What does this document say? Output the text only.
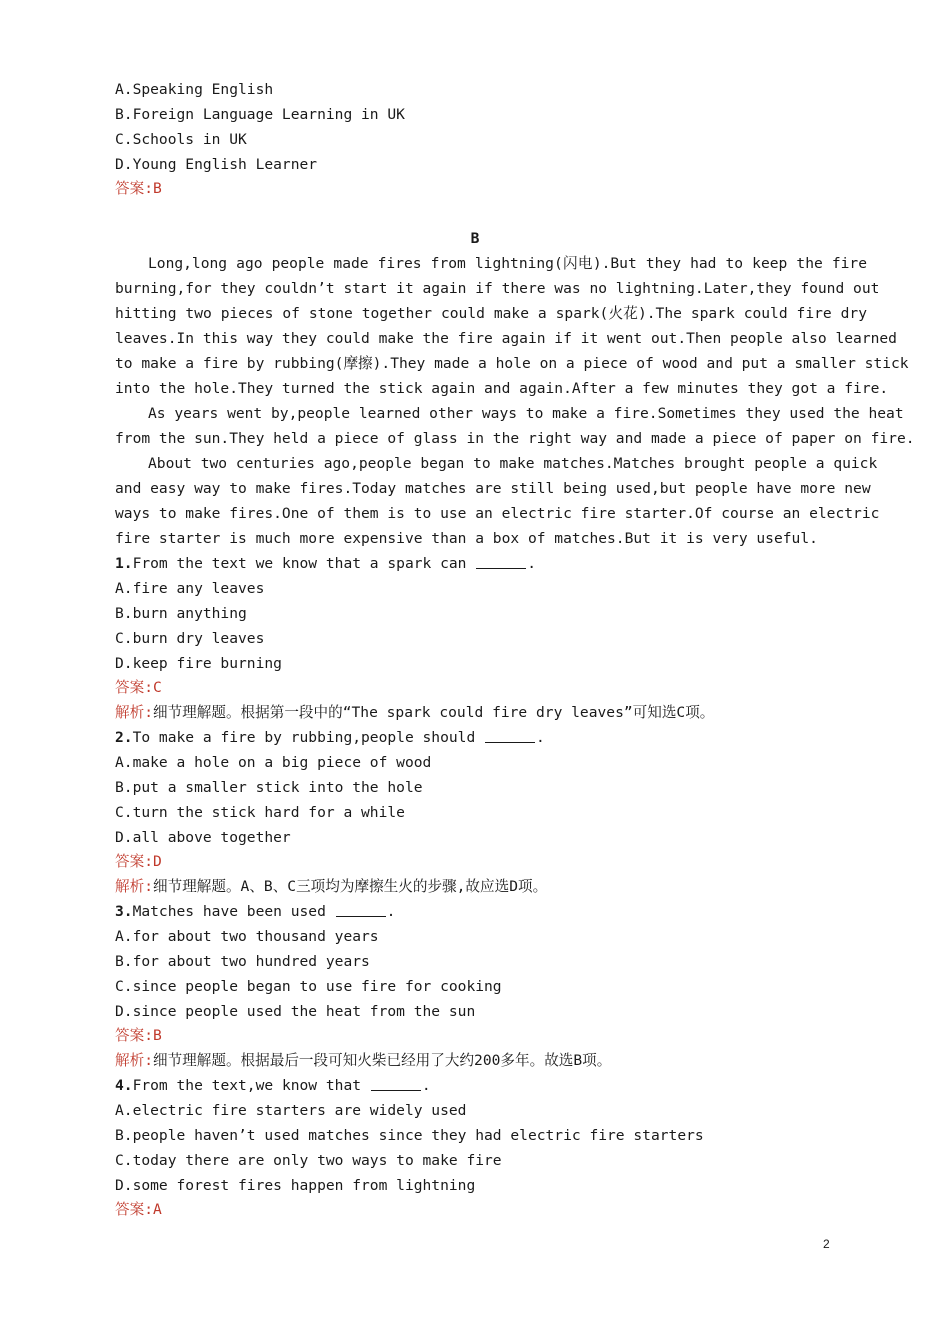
A.Speaking English
B.Foreign Language Learning in UK
C.Schools in UK
D.Young English Learner
答案:B
B
Long,long ago people made fires from lightning(闪电).But they had to keep the fire
burning,for they couldn’t start it again if there was no lightning.Later,they found out
hitting two pieces of stone together could make a spark(火花).The spark could fire dry
leaves.In this way they could make the fire again if it went out.Then people also learned
to make a fire by rubbing(摩擦).They made a hole on a piece of wood and put a smaller stick
into the hole.They turned the stick again and again.After a few minutes they got a fire.
As years went by,people learned other ways to make a fire.Sometimes they used the heat
from the sun.They held a piece of glass in the right way and made a piece of paper on fire.
About two centuries ago,people began to make matches.Matches brought people a quick
and easy way to make fires.Today matches are still being used,but people have more new
ways to make fires.One of them is to use an electric fire starter.Of course an electric
fire starter is much more expensive than a box of matches.But it is very useful.
1.From the text we know that a spark can	.
A.fire any leaves
B.burn anything
C.burn dry leaves
D.keep fire burning
答案:C
解析:细节理解题。根据第一段中的“The spark could fire dry leaves”可知选C项。
2.To make a fire by rubbing,people should	.
A.make a hole on a big piece of wood
B.put a smaller stick into the hole
C.turn the stick hard for a while
D.all above together
答案:D
解析:细节理解题。A、B、C三项均为摩擦生火的步骤,故应选D项。
3.Matches have been used	.
A.for about two thousand years
B.for about two hundred years
C.since people began to use fire for cooking
D.since people used the heat from the sun
答案:B
解析:细节理解题。根据最后一段可知火柴已经用了大约200多年。故选B项。
4.From the text,we know that	.
A.electric fire starters are widely used
B.people haven’t used matches since they had electric fire starters
C.today there are only two ways to make fire
D.some forest fires happen from lightning
答案:A
2
